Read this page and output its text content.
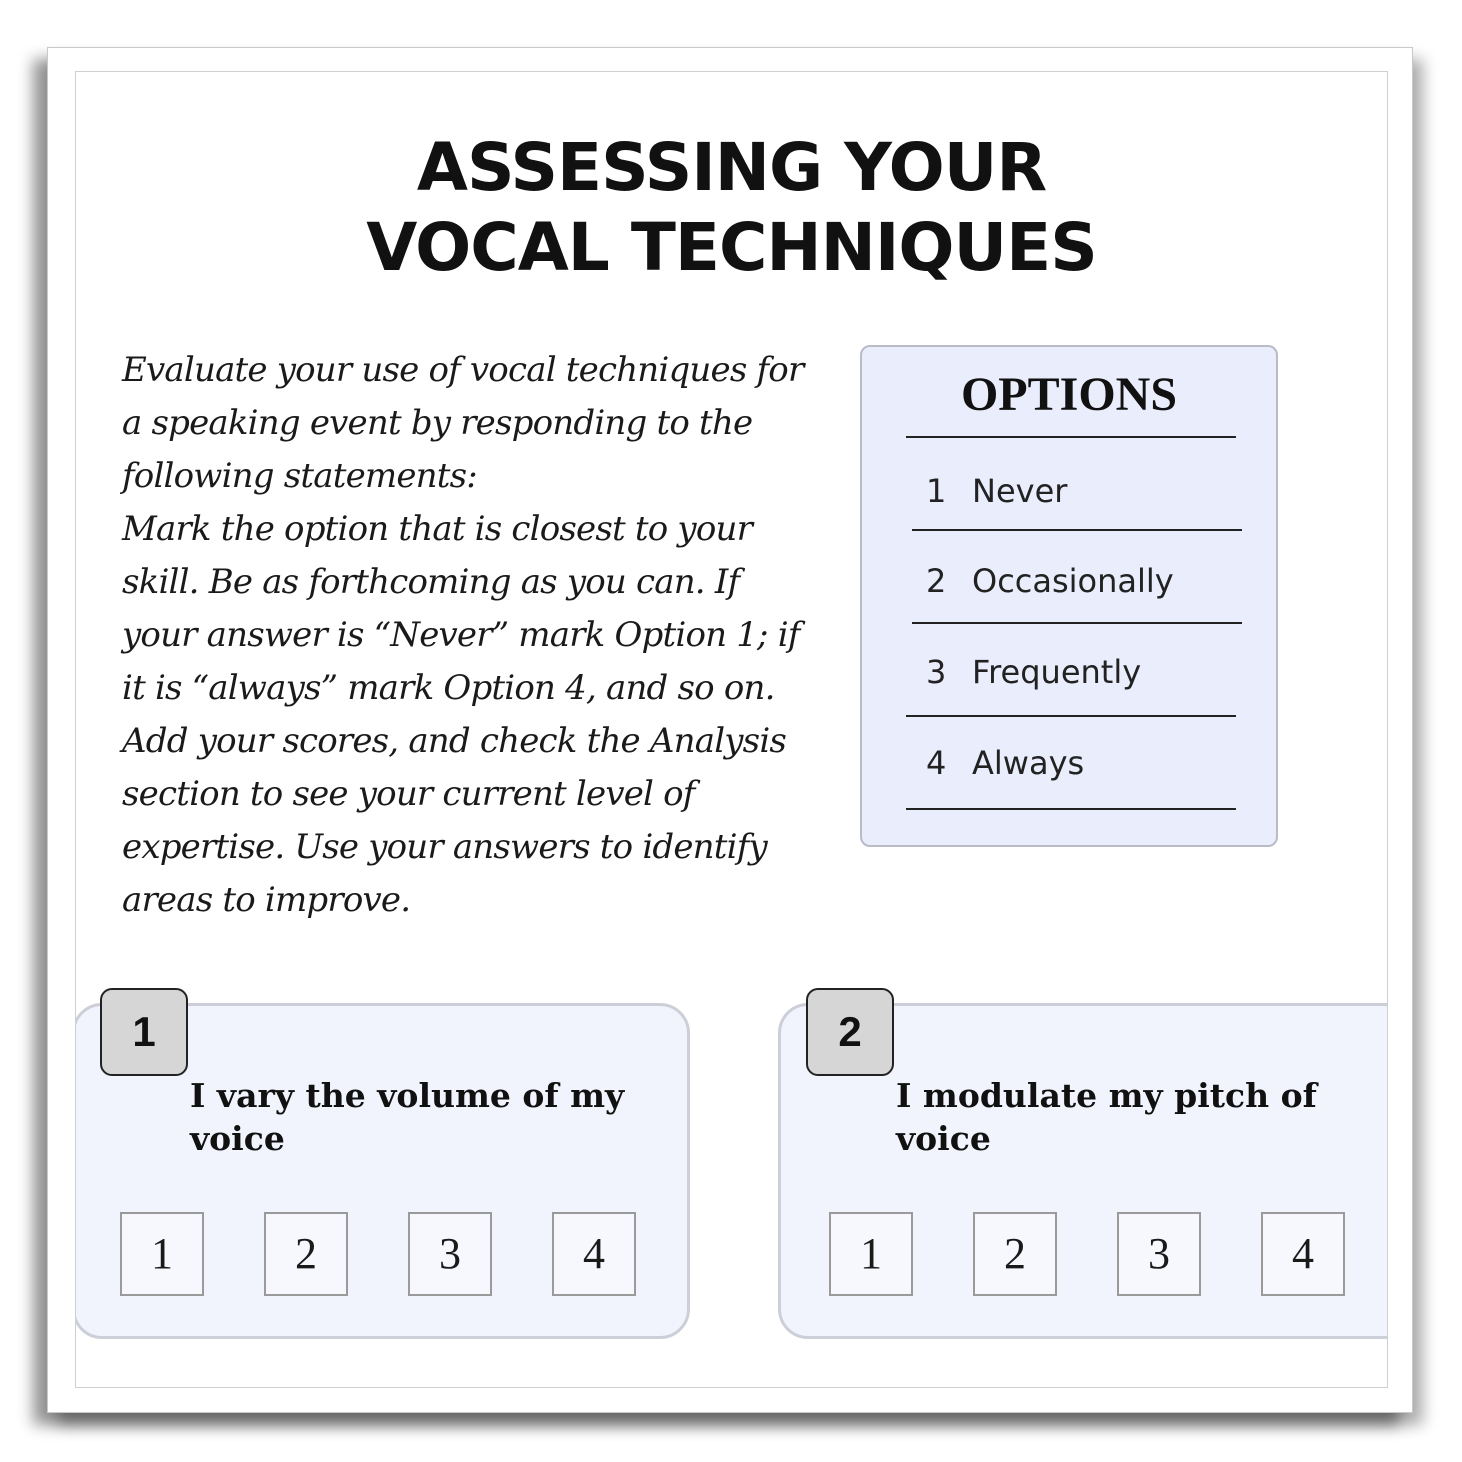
ASSESSING YOUR
VOCAL TECHNIQUES

Evaluate your use of vocal techniques for a speaking event by responding to the following statements:

Mark the option that is closest to your skill. Be as forthcoming as you can. If your answer is “Never” mark Option 1; if it is “always” mark Option 4, and so on. Add your scores, and check the Analysis section to see your current level of expertise. Use your answers to identify areas to improve.

OPTIONS
1 Never
2 Occasionally
3 Frequently
4 Always
1
I vary the volume of my voice
1	2	3	4
2
I modulate my pitch of voice
1	2	3	4
